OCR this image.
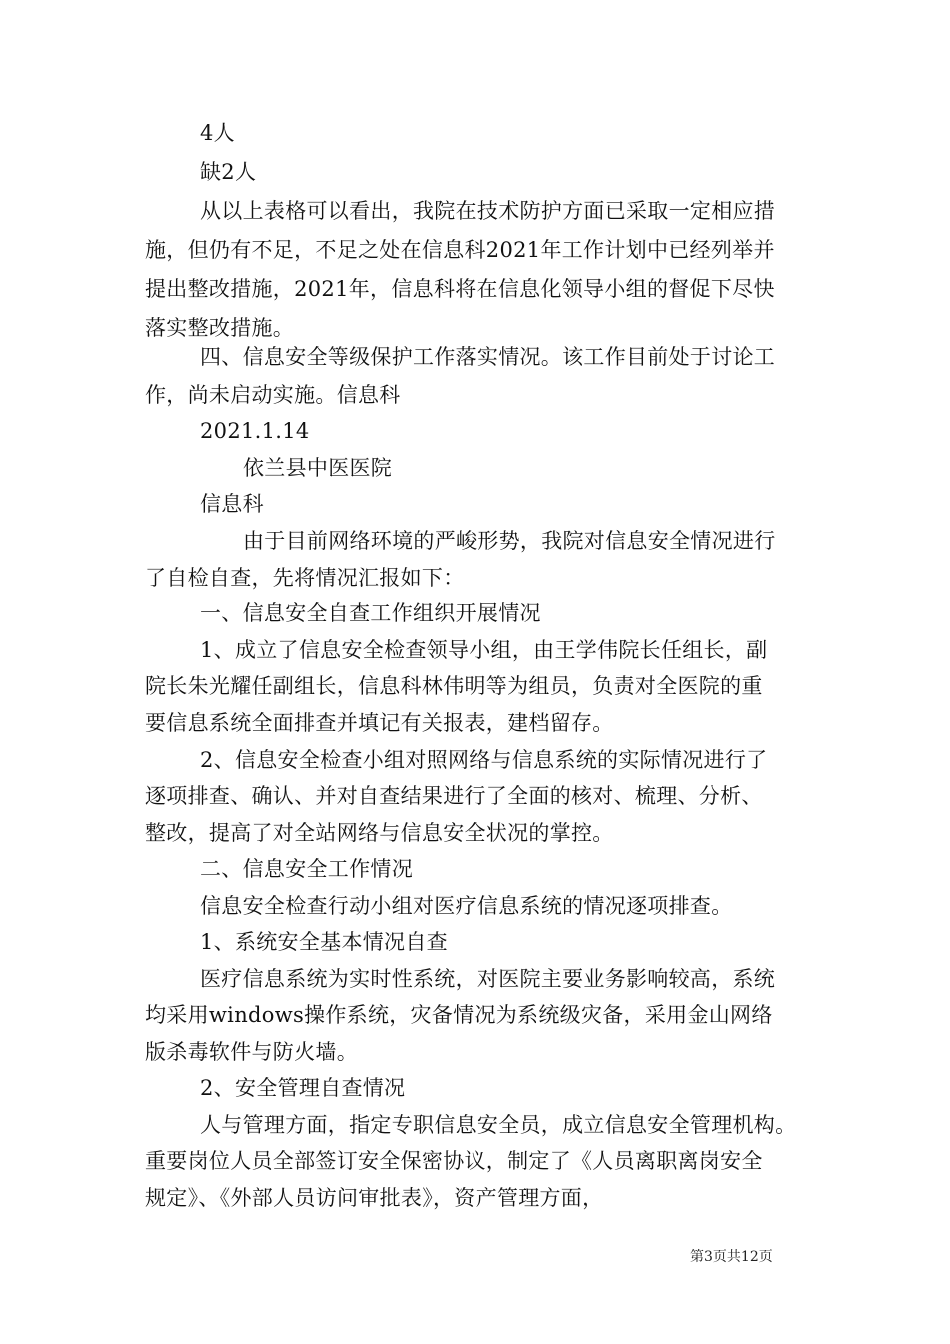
4人
缺2人
从以上表格可以看出，我院在技术防护方面已采取一定相应措
施，但仍有不足，不足之处在信息科2021年工作计划中已经列举并
提出整改措施，2021年，信息科将在信息化领导小组的督促下尽快
落实整改措施。
四、信息安全等级保护工作落实情况。该工作目前处于讨论工
作，尚未启动实施。信息科
2021.1.14
依兰县中医医院
信息科
由于目前网络环境的严峻形势，我院对信息安全情况进行
了自检自查，先将情况汇报如下：
一、信息安全自查工作组织开展情况
1、成立了信息安全检查领导小组，由王学伟院长任组长，副
院长朱光耀任副组长，信息科林伟明等为组员，负责对全医院的重
要信息系统全面排查并填记有关报表，建档留存。
2、信息安全检查小组对照网络与信息系统的实际情况进行了
逐项排查、确认、并对自查结果进行了全面的核对、梳理、分析、
整改，提高了对全站网络与信息安全状况的掌控。
二、信息安全工作情况
信息安全检查行动小组对医疗信息系统的情况逐项排查。
1、系统安全基本情况自查
医疗信息系统为实时性系统，对医院主要业务影响较高，系统
均采用windows操作系统，灾备情况为系统级灾备，采用金山网络
版杀毒软件与防火墙。
2、安全管理自查情况
人与管理方面，指定专职信息安全员，成立信息安全管理机构。
重要岗位人员全部签订安全保密协议，制定了《人员离职离岗安全
规定》、《外部人员访问审批表》，资产管理方面，
第3页共12页
